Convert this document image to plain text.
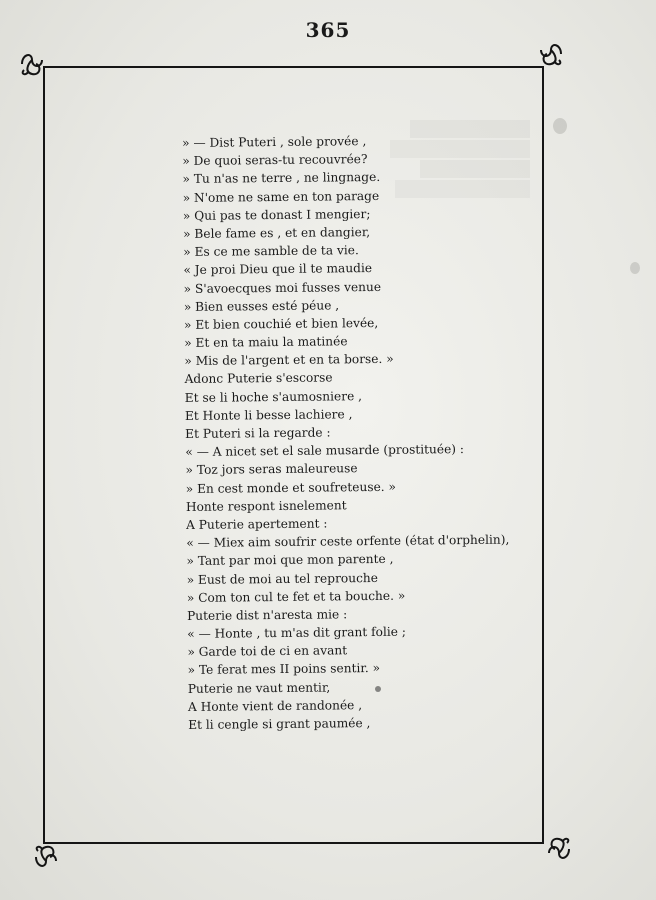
365
» — Dist Puteri , sole provée ,
» De quoi seras-tu recouvrée?
» Tu n'as ne terre , ne lingnage.
» N'ome ne same en ton parage
» Qui pas te donast I mengier;
» Bele fame es , et en dangier,
» Es ce me samble de ta vie.
« Je proi Dieu que il te maudie
» S'avoecques moi fusses venue
» Bien eusses esté péue ,
» Et bien couchié et bien levée,
» Et en ta maiu la matinée
» Mis de l'argent et en ta borse. »
Adonc Puterie s'escorse
Et se li hoche s'aumosniere ,
Et Honte li besse lachiere ,
Et Puteri si la regarde :
« — A nicet set el sale musarde (prostituée) :
» Toz jors seras maleureuse
» En cest monde et soufreteuse. »
Honte respont isnelement
A Puterie apertement :
« — Miex aim soufrir ceste orfente (état d'orphelin),
» Tant par moi que mon parente ,
» Eust de moi au tel reprouche
» Com ton cul te fet et ta bouche. »
Puterie dist n'aresta mie :
« — Honte , tu m'as dit grant folie ;
» Garde toi de ci en avant
» Te ferat mes II poins sentir. »
Puterie ne vaut mentir,
A Honte vient de randonée ,
Et li cengle si grant paumée ,
